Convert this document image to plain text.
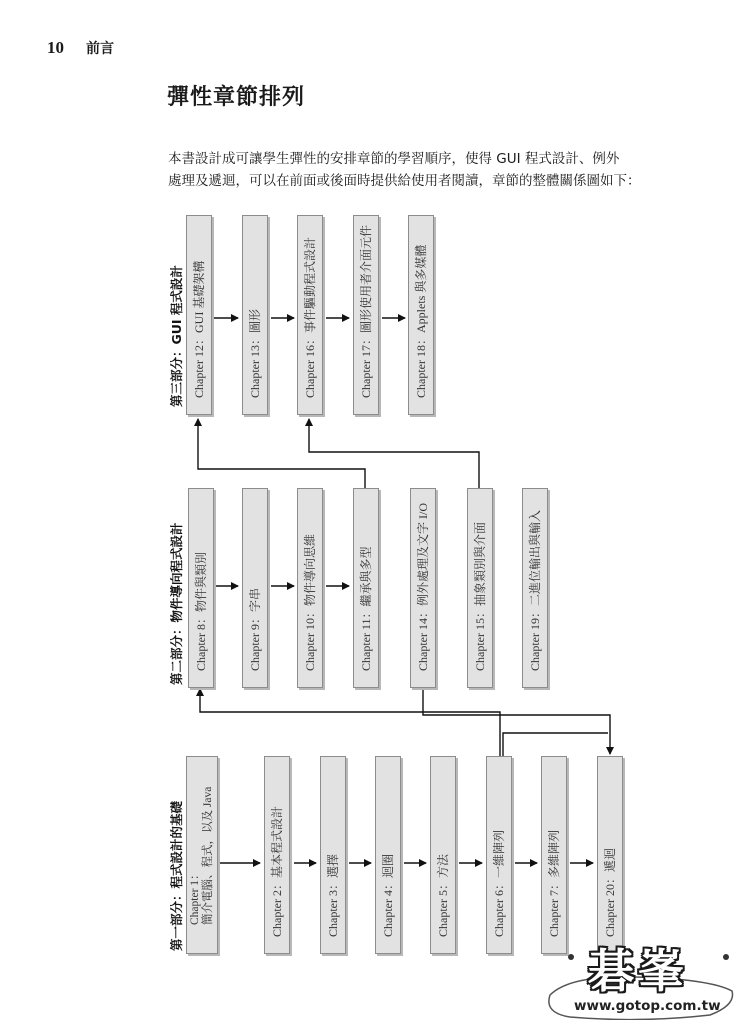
10 前言
彈性章節排列

本書設計成可讓學生彈性的安排章節的學習順序，使得 GUI 程式設計、例外

處理及遞迴，可以在前面或後面時提供給使用者閱讀，章節的整體關係圖如下：

第三部分：GUI 程式設計
第二部分：物件導向程式設計
第一部分：程式設計的基礎
Chapter 12：GUI 基礎架構	Chapter 13：圖形	Chapter 16：事件驅動程式設計	Chapter 17：圖形使用者介面元件	Chapter 18：Applets 與多媒體
Chapter 8：物件與類別	Chapter 9：字串	Chapter 10：物件導向思維	Chapter 11：繼承與多型	Chapter 14：例外處理及文字 I/O	Chapter 15：抽象類別與介面	Chapter 19：二進位輸出與輸入
Chapter 1： 簡介電腦、程式，以及 Java	Chapter 2：基本程式設計	Chapter 3：選擇	Chapter 4：迴圈	Chapter 5：方法	Chapter 6：一維陣列	Chapter 7：多維陣列	Chapter 20：遞迴
碁峯
www.gotop.com.tw
